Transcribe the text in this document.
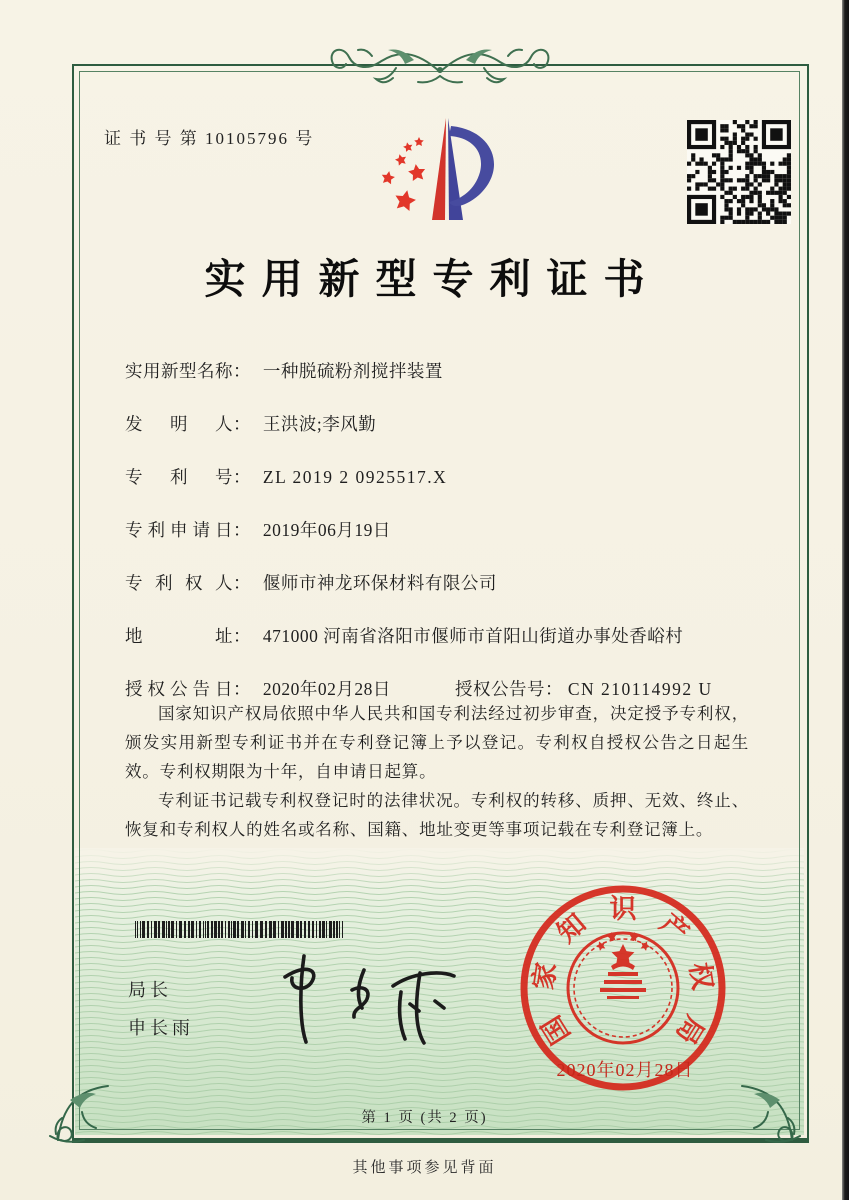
证 书 号 第 10105796 号
实用新型专利证书
实用新型名称： 一种脱硫粉剂搅拌装置
发　明　人： 王洪波;李风勤
专　利　号： ZL 2019 2 0925517.X
专利申请日： 2019年06月19日
专 利 权 人： 偃师市神龙环保材料有限公司
地　　　址： 471000 河南省洛阳市偃师市首阳山街道办事处香峪村
授权公告日： 2020年02月28日	授权公告号： CN 210114992 U

国家知识产权局依照中华人民共和国专利法经过初步审查，决定授予专利权，颁发实用新型专利证书并在专利登记簿上予以登记。专利权自授权公告之日起生效。专利权期限为十年，自申请日起算。

专利证书记载专利权登记时的法律状况。专利权的转移、质押、无效、终止、恢复和专利权人的姓名或名称、国籍、地址变更等事项记载在专利登记簿上。

局长
申长雨	国
家
知 识 产
权
局
2020年02月28日
第 1 页 (共 2 页)
其他事项参见背面
